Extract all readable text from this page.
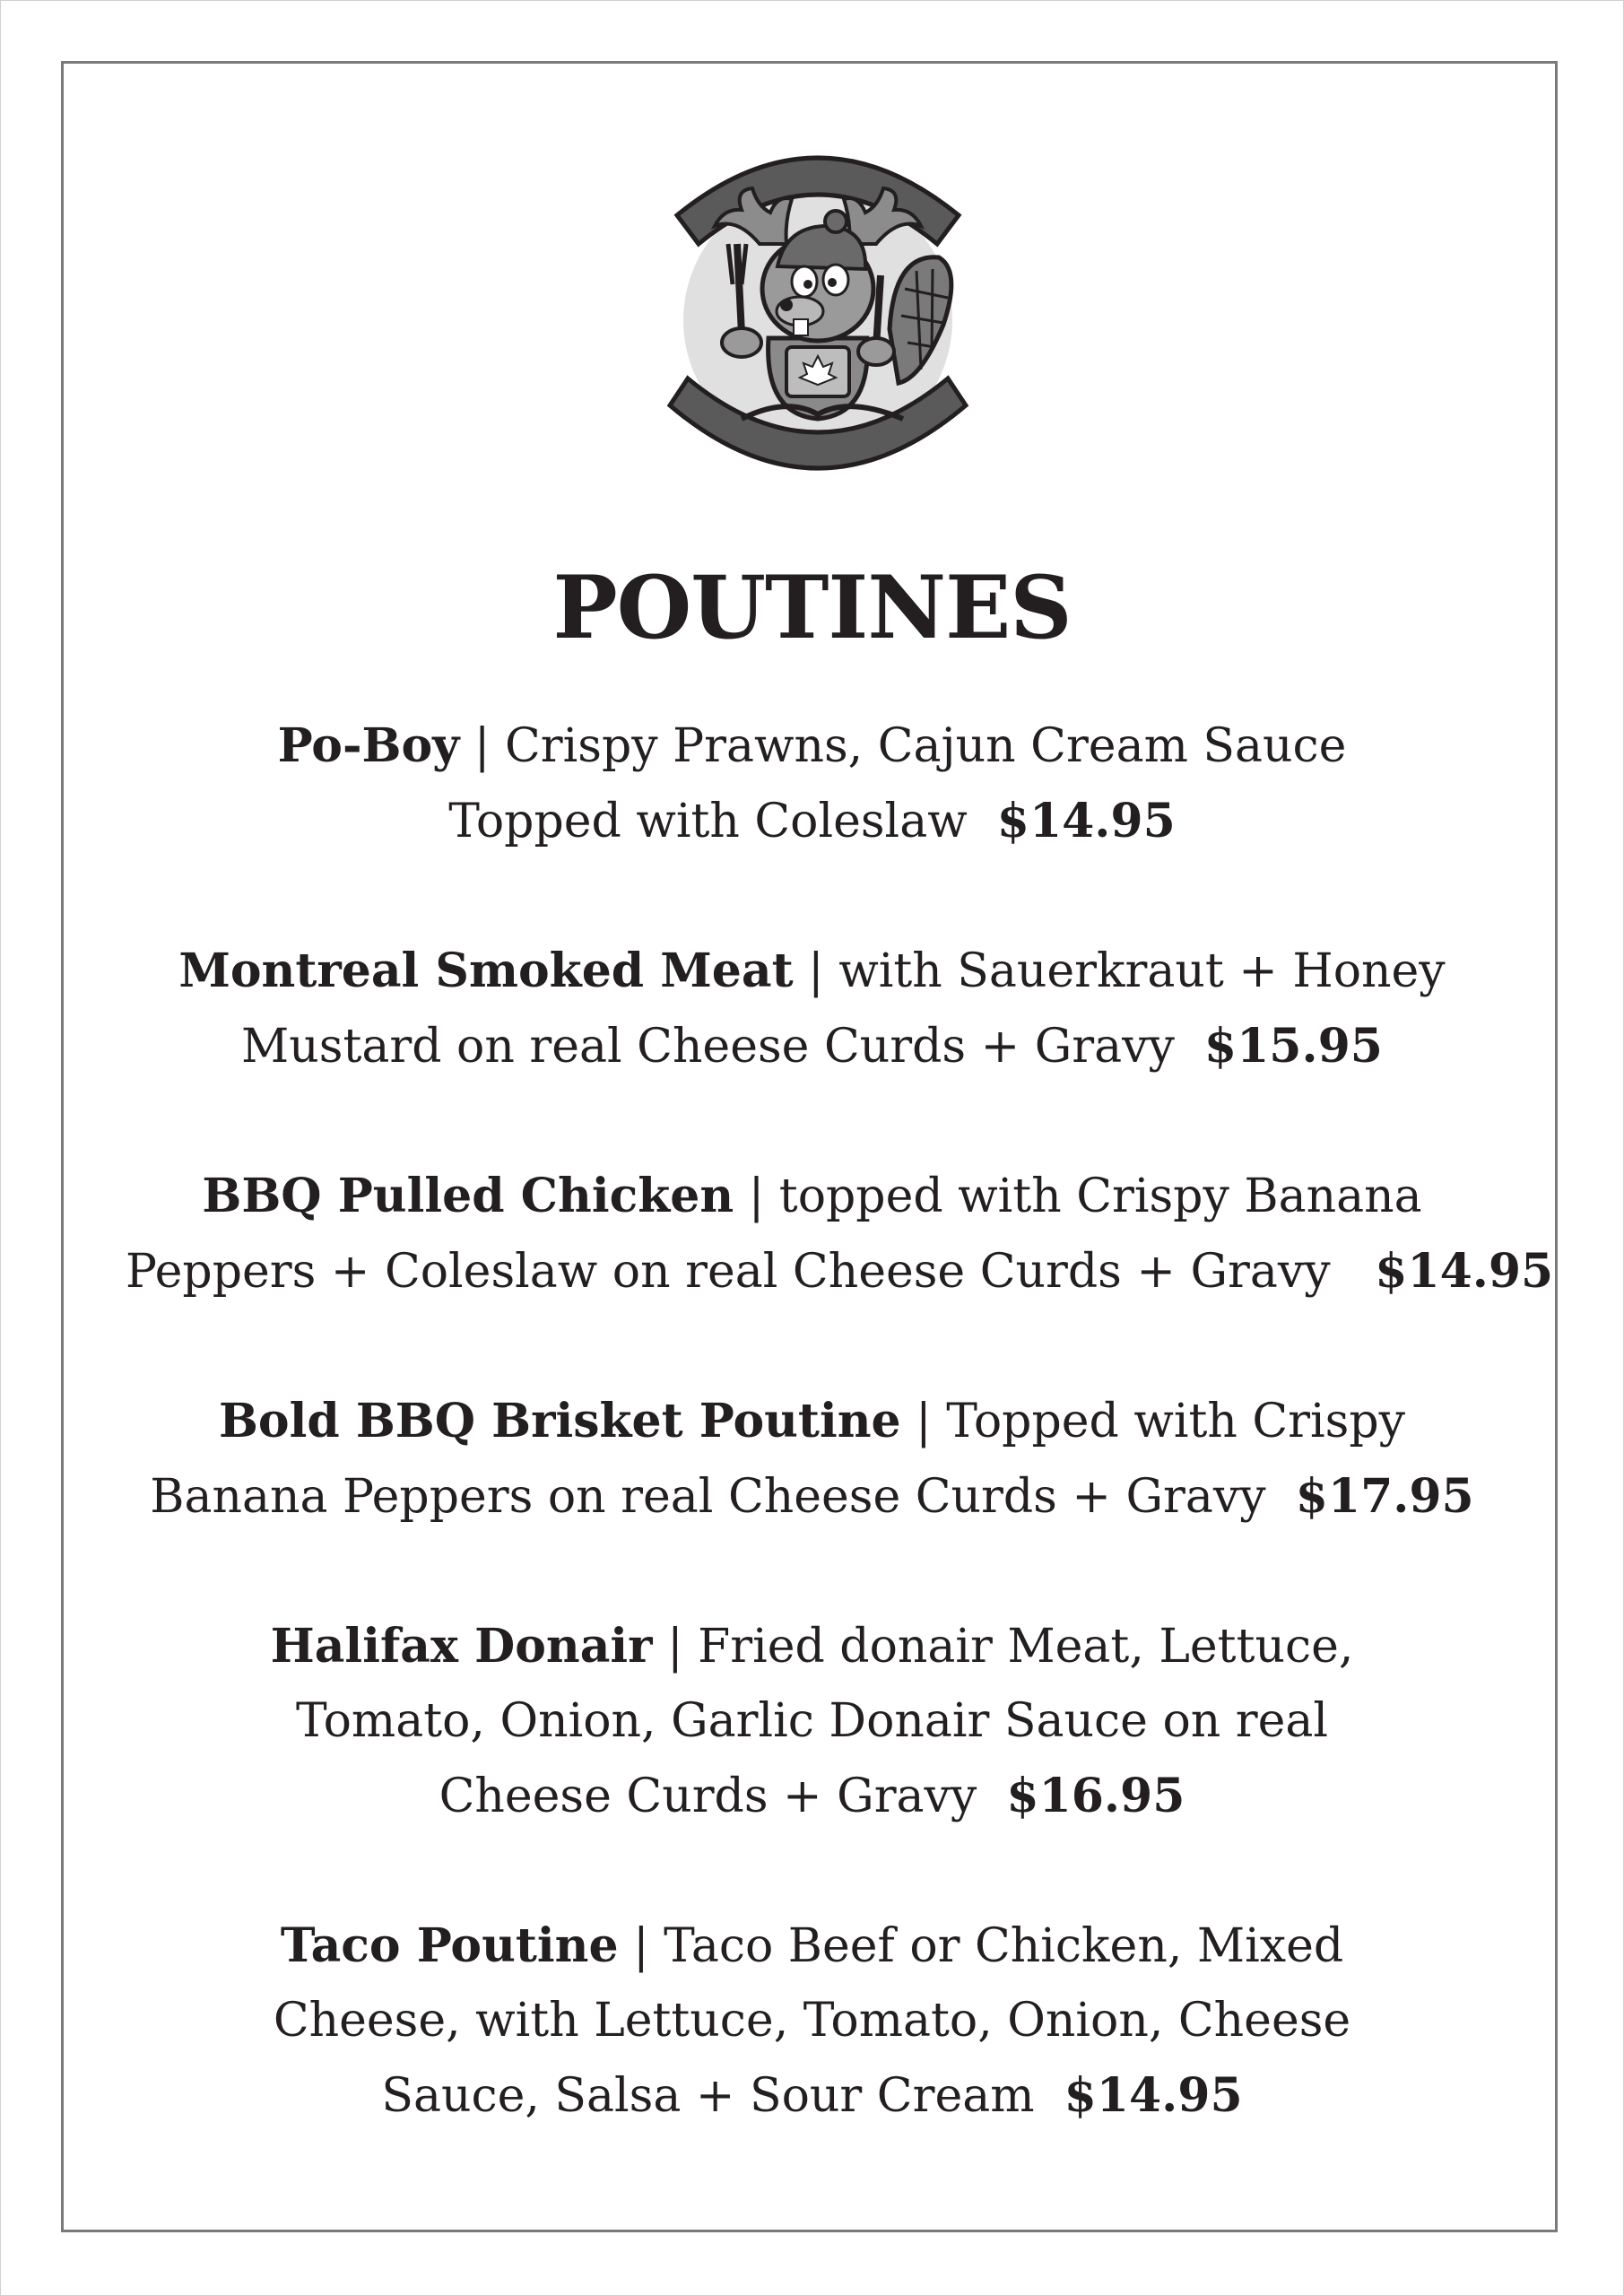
POUTINES
Po-Boy | Crispy Prawns, Cajun Cream Sauce
Topped with Coleslaw $14.95
Montreal Smoked Meat | with Sauerkraut + Honey
Mustard on real Cheese Curds + Gravy $15.95
BBQ Pulled Chicken | topped with Crispy Banana
Peppers + Coleslaw on real Cheese Curds + Gravy $14.95
Bold BBQ Brisket Poutine | Topped with Crispy
Banana Peppers on real Cheese Curds + Gravy $17.95
Halifax Donair | Fried donair Meat, Lettuce,
Tomato, Onion, Garlic Donair Sauce on real
Cheese Curds + Gravy $16.95
Taco Poutine | Taco Beef or Chicken, Mixed
Cheese, with Lettuce, Tomato, Onion, Cheese
Sauce, Salsa + Sour Cream $14.95
